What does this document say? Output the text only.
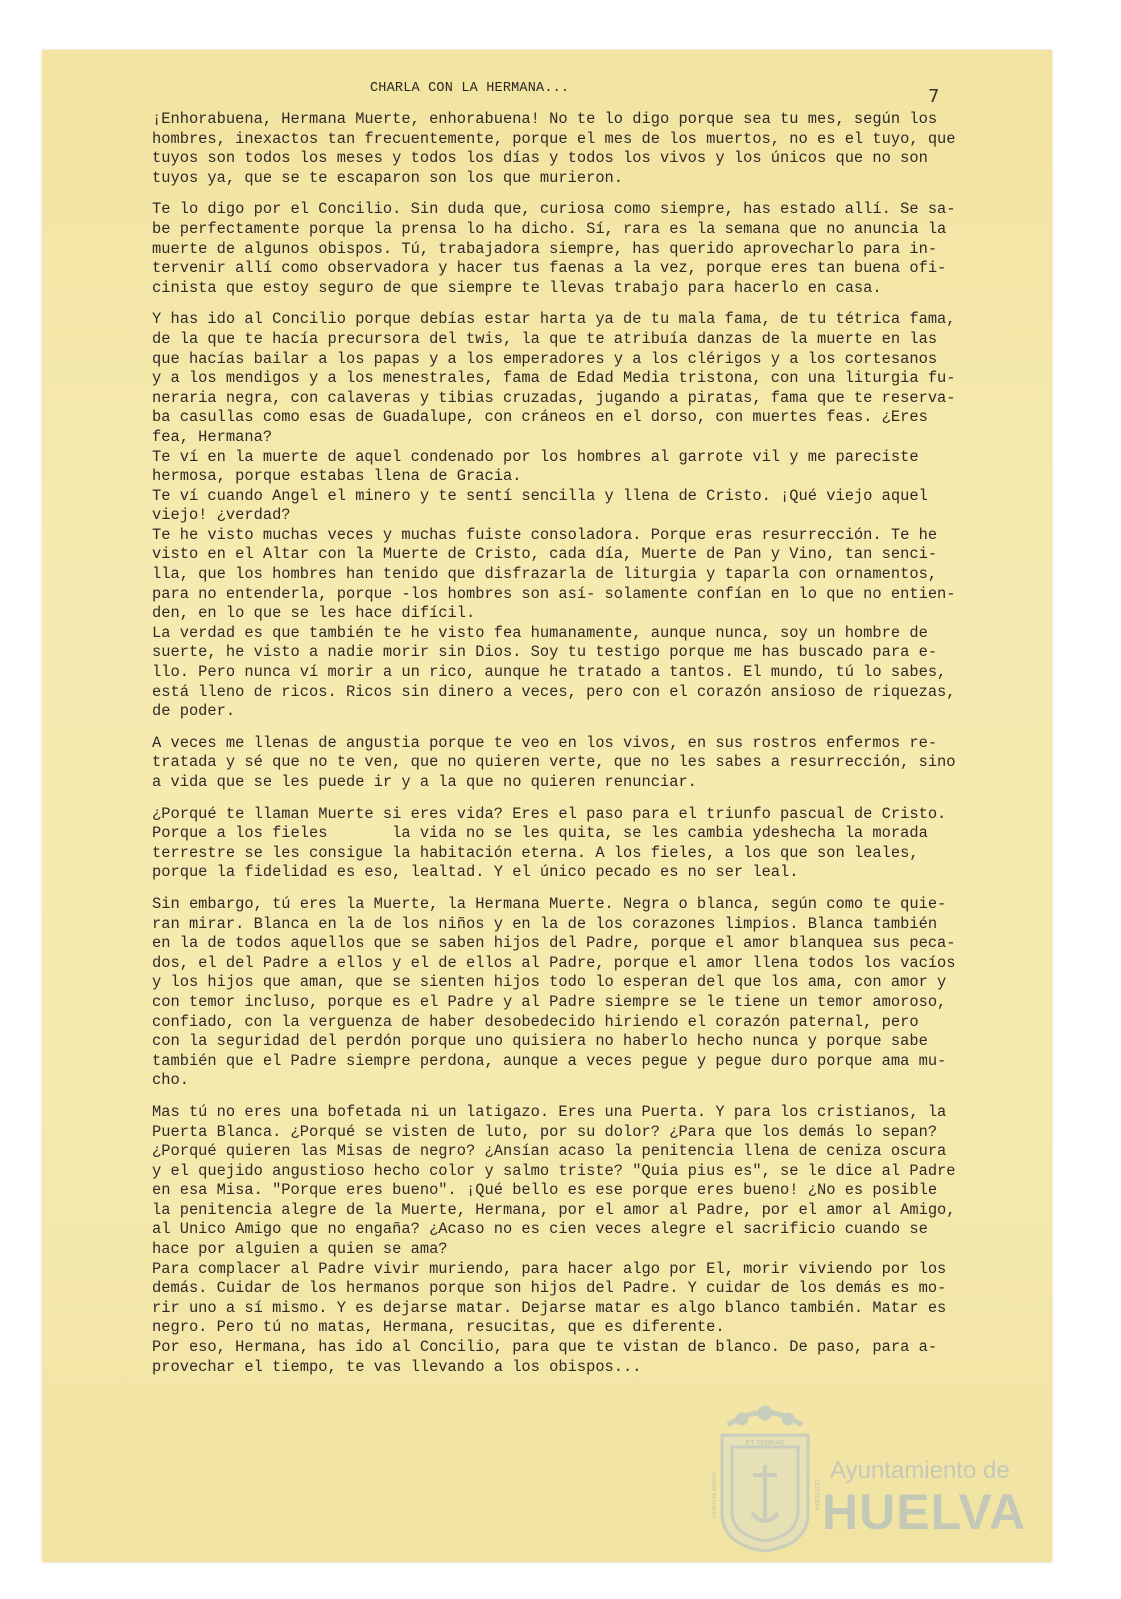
CHARLA CON LA HERMANA...	7

¡Enhorabuena, Hermana Muerte, enhorabuena! No te lo digo porque sea tu mes, según los

hombres, inexactos tan frecuentemente, porque el mes de los muertos, no es el tuyo, que

tuyos son todos los meses y todos los días y todos los vivos y los únicos que no son

tuyos ya, que se te escaparon son los que murieron.

Te lo digo por el Concilio. Sin duda que, curiosa como siempre, has estado allí. Se sa-

be perfectamente porque la prensa lo ha dicho. Sí, rara es la semana que no anuncia la

muerte de algunos obispos. Tú, trabajadora siempre, has querido aprovecharlo para in-

tervenir allí como observadora y hacer tus faenas a la vez, porque eres tan buena ofi-

cinista que estoy seguro de que siempre te llevas trabajo para hacerlo en casa.

Y has ido al Concilio porque debías estar harta ya de tu mala fama, de tu tétrica fama,

de la que te hacía precursora del twis, la que te atribuía danzas de la muerte en las

que hacías bailar a los papas y a los emperadores y a los clérigos y a los cortesanos

y a los mendigos y a los menestrales, fama de Edad Media tristona, con una liturgia fu-

neraria negra, con calaveras y tibias cruzadas, jugando a piratas, fama que te reserva-

ba casullas como esas de Guadalupe, con cráneos en el dorso, con muertes feas. ¿Eres

fea, Hermana?

Te ví en la muerte de aquel condenado por los hombres al garrote vil y me pareciste

hermosa, porque estabas llena de Gracia.

Te ví cuando Angel el minero y te sentí sencilla y llena de Cristo. ¡Qué viejo aquel

viejo! ¿verdad?

Te he visto muchas veces y muchas fuiste consoladora. Porque eras resurrección. Te he

visto en el Altar con la Muerte de Cristo, cada día, Muerte de Pan y Vino, tan senci-

lla, que los hombres han tenido que disfrazarla de liturgia y taparla con ornamentos,

para no entenderla, porque -los hombres son así- solamente confían en lo que no entien-

den, en lo que se les hace difícil.

La verdad es que también te he visto fea humanamente, aunque nunca, soy un hombre de

suerte, he visto a nadie morir sin Dios. Soy tu testigo porque me has buscado para e-

llo. Pero nunca ví morir a un rico, aunque he tratado a tantos. El mundo, tú lo sabes,

está lleno de ricos. Ricos sin dinero a veces, pero con el corazón ansioso de riquezas,

de poder.

A veces me llenas de angustia porque te veo en los vivos, en sus rostros enfermos re-

tratada y sé que no te ven, que no quieren verte, que no les sabes a resurrección, sino

a vida que se les puede ir y a la que no quieren renunciar.

¿Porqué te llaman Muerte si eres vida? Eres el paso para el triunfo pascual de Cristo.

Porque a los fieles       la vida no se les quita, se les cambia ydeshecha la morada

terrestre se les consigue la habitación eterna. A los fieles, a los que son leales,

porque la fidelidad es eso, lealtad. Y el único pecado es no ser leal.

Sin embargo, tú eres la Muerte, la Hermana Muerte. Negra o blanca, según como te quie-

ran mirar. Blanca en la de los niños y en la de los corazones limpios. Blanca también

en la de todos aquellos que se saben hijos del Padre, porque el amor blanquea sus peca-

dos, el del Padre a ellos y el de ellos al Padre, porque el amor llena todos los vacíos

y los hijos que aman, que se sienten hijos todo lo esperan del que los ama, con amor y

con temor incluso, porque es el Padre y al Padre siempre se le tiene un temor amoroso,

confiado, con la verguenza de haber desobedecido hiriendo el corazón paternal, pero

con la seguridad del perdón porque uno quisiera no haberlo hecho nunca y porque sabe

también que el Padre siempre perdona, aunque a veces pegue y pegue duro porque ama mu-

cho.

Mas tú no eres una bofetada ni un latigazo. Eres una Puerta. Y para los cristianos, la

Puerta Blanca. ¿Porqué se visten de luto, por su dolor? ¿Para que los demás lo sepan?

¿Porqué quieren las Misas de negro? ¿Ansían acaso la penitencia llena de ceniza oscura

y el quejido angustioso hecho color y salmo triste? "Quia pius es", se le dice al Padre

en esa Misa. "Porque eres bueno". ¡Qué bello es ese porque eres bueno! ¿No es posible

la penitencia alegre de la Muerte, Hermana, por el amor al Padre, por el amor al Amigo,

al Unico Amigo que no engaña? ¿Acaso no es cien veces alegre el sacrificio cuando se

hace por alguien a quien se ama?

Para complacer al Padre vivir muriendo, para hacer algo por El, morir viviendo por los

demás. Cuidar de los hermanos porque son hijos del Padre. Y cuidar de los demás es mo-

rir uno a sí mismo. Y es dejarse matar. Dejarse matar es algo blanco también. Matar es

negro. Pero tú no matas, Hermana, resucitas, que es diferente.

Por eso, Hermana, has ido al Concilio, para que te vistan de blanco. De paso, para a-

provechar el tiempo, te vas llevando a los obispos...

ET TERRAE
PORTUS MARIS	CUSTODIA
Ayuntamiento de
HUELVA
